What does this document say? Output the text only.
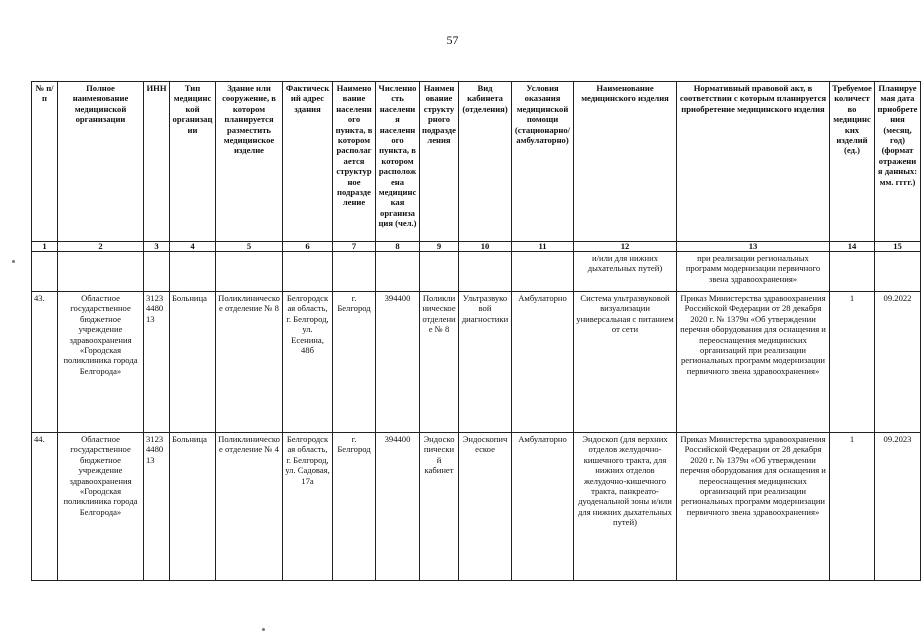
57
№ п/п	Полное наименование медицинской организации	ИНН	Тип медицинской организации	Здание или сооружение, в котором планируется разместить медицинское изделие	Фактический адрес здания	Наименование населенного пункта, в котором располагается структурное подразделение	Численность населения населенного пункта, в котором расположена медицинская организация (чел.)	Наименование структурного подразделения	Вид кабинета (отделения)	Условия оказания медицинской помощи (стационарно/амбулаторно)	Наименование медицинского изделия	Нормативный правовой акт, в соответствии с которым планируется приобретение медицинского изделия	Требуемое количество медицинских изделий (ед.)	Планируемая дата приобретения (месяц, год) (формат отражения данных: мм. гггг.)
1	2	3	4	5	6	7	8	9	10	11	12	13	14	15
											и/или для нижних дыхательных путей)	при реализации региональных программ модернизации первичного звена здравоохранения»		
43.	Областное государственное бюджетное учреждение здравоохранения «Городская поликлиника города Белгорода»	3123448013	Больница	Поликлиническое отделение № 8	Белгородская область, г. Белгород, ул. Есенина, 48б	г. Белгород	394400	Поликлиническое отделение № 8	Ультразвуковой диагностики	Амбулаторно	Система ультразвуковой визуализации универсальная с питанием от сети	Приказ Министерства здравоохранения Российской Федерации от 28 декабря 2020 г. № 1379н «Об утверждении перечня оборудования для оснащения и переоснащения медицинских организаций при реализации региональных программ модернизации первичного звена здравоохранения»	1	09.2022
44.	Областное государственное бюджетное учреждение здравоохранения «Городская поликлиника города Белгорода»	3123448013	Больница	Поликлиническое отделение № 4	Белгородская область, г. Белгород, ул. Садовая, 17а	г. Белгород	394400	Эндоскопический кабинет	Эндоскопическое	Амбулаторно	Эндоскоп (для верхних отделов желудочно-кишечного тракта, для нижних отделов желудочно-кишечного тракта, панкреато-дуоденальной зоны и/или для нижних дыхательных путей)	Приказ Министерства здравоохранения Российской Федерации от 28 декабря 2020 г. № 1379н «Об утверждении перечня оборудования для оснащения и переоснащения медицинских организаций при реализации региональных программ модернизации первичного звена здравоохранения»	1	09.2023
